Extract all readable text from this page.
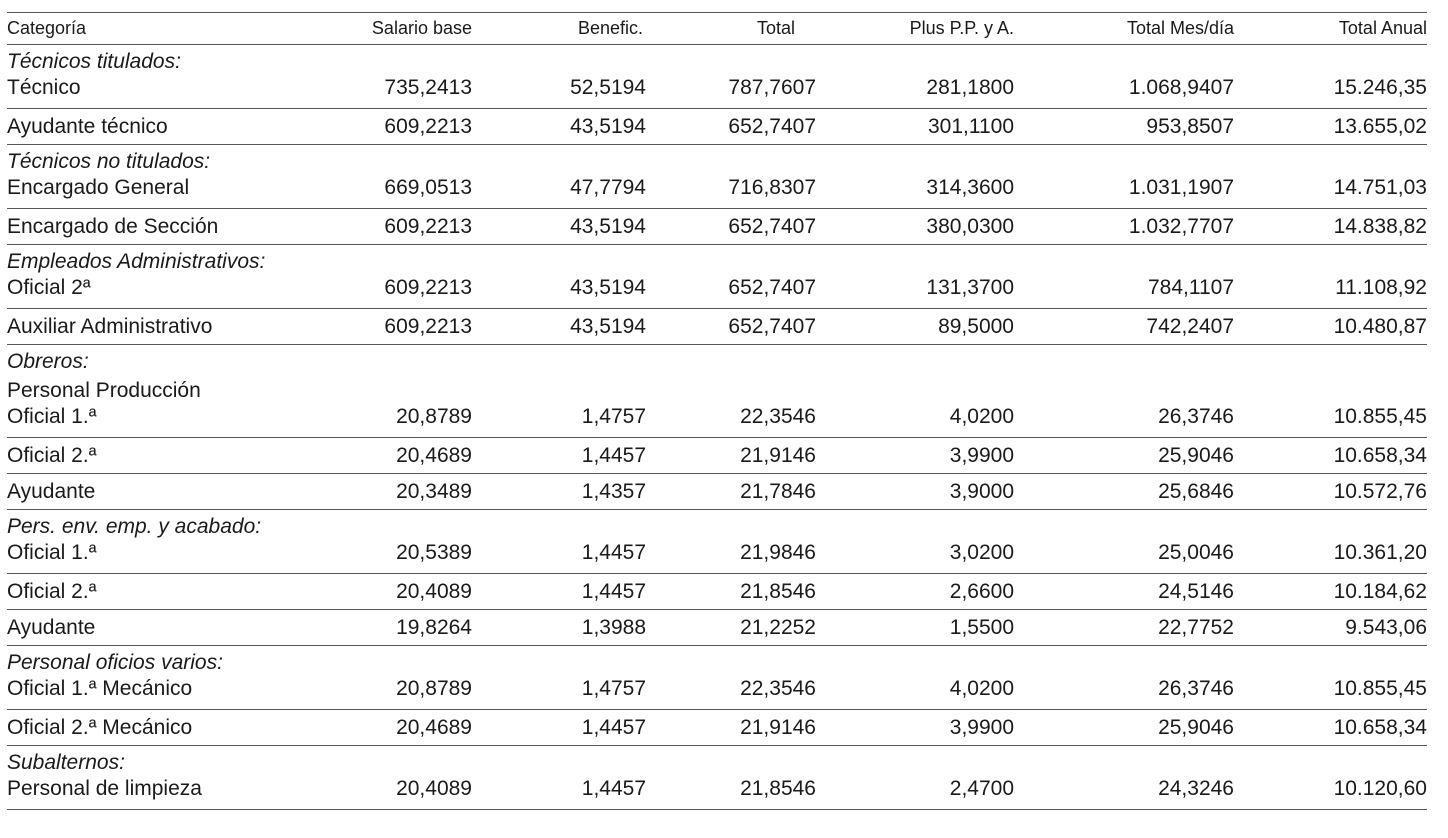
Categoría	Salario base	Benefic.	Total	Plus P.P. y A.	Total Mes/día	Total Anual
Técnicos titulados:						
Técnico	735,2413	52,5194	787,7607	281,1800	1.068,9407	15.246,35
Ayudante técnico	609,2213	43,5194	652,7407	301,1100	953,8507	13.655,02
Técnicos no titulados:						
Encargado General	669,0513	47,7794	716,8307	314,3600	1.031,1907	14.751,03
Encargado de Sección	609,2213	43,5194	652,7407	380,0300	1.032,7707	14.838,82
Empleados Administrativos:						
Oficial 2ª	609,2213	43,5194	652,7407	131,3700	784,1107	11.108,92
Auxiliar Administrativo	609,2213	43,5194	652,7407	89,5000	742,2407	10.480,87
Obreros:						
Personal Producción						
Oficial 1.ª	20,8789	1,4757	22,3546	4,0200	26,3746	10.855,45
Oficial 2.ª	20,4689	1,4457	21,9146	3,9900	25,9046	10.658,34
Ayudante	20,3489	1,4357	21,7846	3,9000	25,6846	10.572,76
Pers. env. emp. y acabado:						
Oficial 1.ª	20,5389	1,4457	21,9846	3,0200	25,0046	10.361,20
Oficial 2.ª	20,4089	1,4457	21,8546	2,6600	24,5146	10.184,62
Ayudante	19,8264	1,3988	21,2252	1,5500	22,7752	9.543,06
Personal oficios varios:						
Oficial 1.ª Mecánico	20,8789	1,4757	22,3546	4,0200	26,3746	10.855,45
Oficial 2.ª Mecánico	20,4689	1,4457	21,9146	3,9900	25,9046	10.658,34
Subalternos:						
Personal de limpieza	20,4089	1,4457	21,8546	2,4700	24,3246	10.120,60
